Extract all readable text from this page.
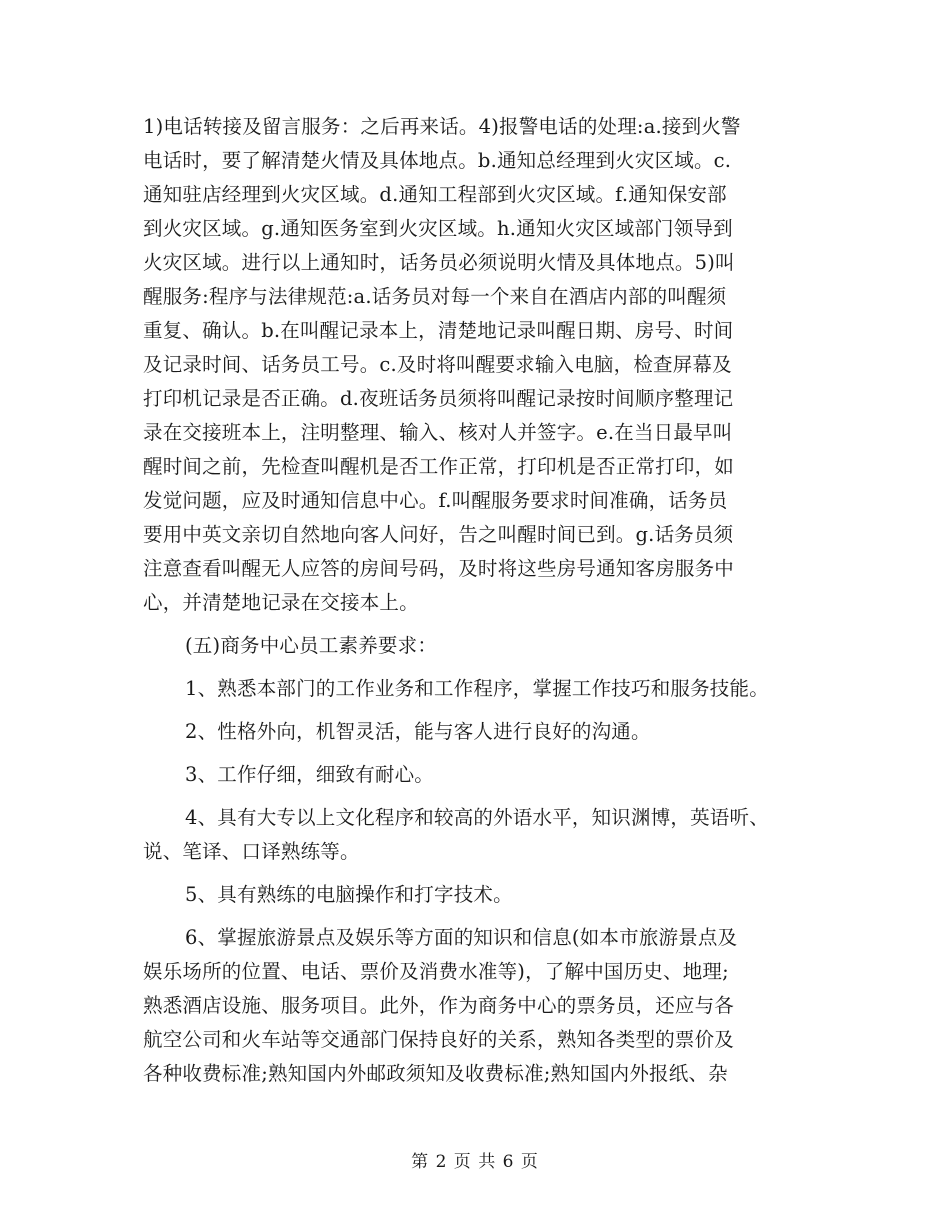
1)电话转接及留言服务：之后再来话。4)报警电话的处理:a.接到火警
电话时，要了解清楚火情及具体地点。b.通知总经理到火灾区域。c.
通知驻店经理到火灾区域。d.通知工程部到火灾区域。f.通知保安部
到火灾区域。g.通知医务室到火灾区域。h.通知火灾区域部门领导到
火灾区域。进行以上通知时，话务员必须说明火情及具体地点。5)叫
醒服务:程序与法律规范:a.话务员对每一个来自在酒店内部的叫醒须
重复、确认。b.在叫醒记录本上，清楚地记录叫醒日期、房号、时间
及记录时间、话务员工号。c.及时将叫醒要求输入电脑，检查屏幕及
打印机记录是否正确。d.夜班话务员须将叫醒记录按时间顺序整理记
录在交接班本上，注明整理、输入、核对人并签字。e.在当日最早叫
醒时间之前，先检查叫醒机是否工作正常，打印机是否正常打印，如
发觉问题，应及时通知信息中心。f.叫醒服务要求时间准确，话务员
要用中英文亲切自然地向客人问好，告之叫醒时间已到。g.话务员须
注意查看叫醒无人应答的房间号码，及时将这些房号通知客房服务中
心，并清楚地记录在交接本上。
(五)商务中心员工素养要求：
1、熟悉本部门的工作业务和工作程序，掌握工作技巧和服务技能。
2、性格外向，机智灵活，能与客人进行良好的沟通。
3、工作仔细，细致有耐心。
4、具有大专以上文化程序和较高的外语水平，知识渊博，英语听、
说、笔译、口译熟练等。
5、具有熟练的电脑操作和打字技术。
6、掌握旅游景点及娱乐等方面的知识和信息(如本市旅游景点及
娱乐场所的位置、电话、票价及消费水准等)，了解中国历史、地理;
熟悉酒店设施、服务项目。此外，作为商务中心的票务员，还应与各
航空公司和火车站等交通部门保持良好的关系，熟知各类型的票价及
各种收费标准;熟知国内外邮政须知及收费标准;熟知国内外报纸、杂
第 2 页 共 6 页
